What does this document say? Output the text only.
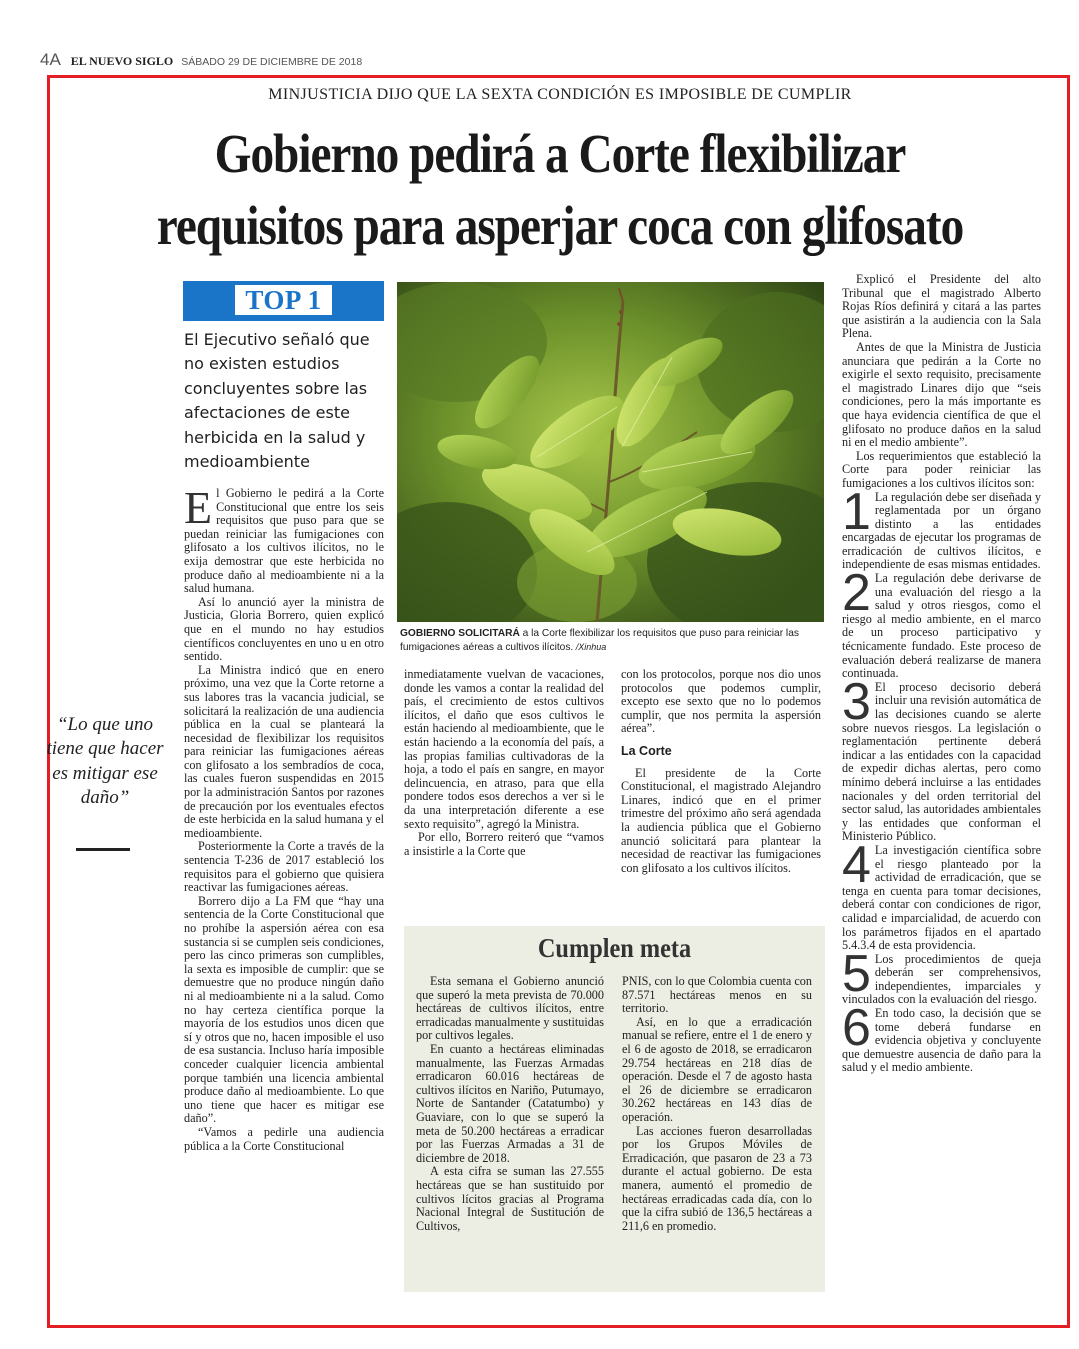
4A EL NUEVO SIGLO SÁBADO 29 DE DICIEMBRE DE 2018
MINJUSTICIA DIJO QUE LA SEXTA CONDICIÓN ES IMPOSIBLE DE CUMPLIR
Gobierno pedirá a Corte flexibilizar
requisitos para asperjar coca con glifosato
TOP 1
El Ejecutivo señaló que no existen estudios concluyentes sobre las afectaciones de este herbicida en la salud y medioambiente

El Gobierno le pedirá a la Corte Constitucional que entre los seis requisitos que puso para que se puedan reiniciar las fumigaciones con glifosato a los cultivos ilícitos, no le exija demostrar que este herbicida no produce daño al medioambiente ni a la salud humana.

Así lo anunció ayer la ministra de Justicia, Gloria Borrero, quien explicó que en el mundo no hay estudios científicos concluyentes en uno u en otro sentido.

La Ministra indicó que en enero próximo, una vez que la Corte retorne a sus labores tras la vacancia judicial, se solicitará la realización de una audiencia pública en la cual se planteará la necesidad de flexibilizar los requisitos para reiniciar las fumigaciones aéreas con glifosato a los sembradíos de coca, las cuales fueron suspendidas en 2015 por la administración Santos por razones de precaución por los eventuales efectos de este herbicida en la salud humana y el medioambiente.

Posteriormente la Corte a través de la sentencia T-236 de 2017 estableció los requisitos para el gobierno que quisiera reactivar las fumigaciones aéreas.

Borrero dijo a La FM que “hay una sentencia de la Corte Constitucional que no prohíbe la aspersión aérea con esa sustancia si se cumplen seis condiciones, pero las cinco primeras son cumplibles, la sexta es imposible de cumplir: que se demuestre que no produce ningún daño ni al medioambiente ni a la salud. Como no hay certeza científica porque la mayoría de los estudios unos dicen que sí y otros que no, hacen imposible el uso de esa sustancia. Incluso haría imposible conceder cualquier licencia ambiental porque también una licencia ambiental produce daño al medioambiente. Lo que uno tiene que hacer es mitigar ese daño”.

“Vamos a pedirle una audiencia pública a la Corte Constitucional

GOBIERNO SOLICITARÁ a la Corte flexibilizar los requisitos que puso para reiniciar las fumigaciones aéreas a cultivos ilícitos. /Xinhua
“Lo que uno tiene que hacer es mitigar ese daño”

inmediatamente vuelvan de vacaciones, donde les vamos a contar la realidad del país, el crecimiento de estos cultivos ilícitos, el daño que esos cultivos le están haciendo al medioambiente, que le están haciendo a la economía del país, a las propias familias cultivadoras de la hoja, a todo el país en sangre, en mayor delincuencia, en atraso, para que ella pondere todos esos derechos a ver si le da una interpretación diferente a ese sexto requisito”, agregó la Ministra.

Por ello, Borrero reiteró que “vamos a insistirle a la Corte que

con los protocolos, porque nos dio unos protocolos que podemos cumplir, excepto ese sexto que no lo podemos cumplir, que nos permita la aspersión aérea”.

La Corte

El presidente de la Corte Constitucional, el magistrado Alejandro Linares, indicó que en el primer trimestre del próximo año será agendada la audiencia pública que el Gobierno anunció solicitará para plantear la necesidad de reactivar las fumigaciones con glifosato a los cultivos ilícitos.

Explicó el Presidente del alto Tribunal que el magistrado Alberto Rojas Ríos definirá y citará a las partes que asistirán a la audiencia con la Sala Plena.

Antes de que la Ministra de Justicia anunciara que pedirán a la Corte no exigirle el sexto requisito, precisamente el magistrado Linares dijo que “seis condiciones, pero la más importante es que haya evidencia científica de que el glifosato no produce daños en la salud ni en el medio ambiente”.

Los requerimientos que estableció la Corte para poder reiniciar las fumigaciones a los cultivos ilícitos son:

1 La regulación debe ser diseñada y reglamentada por un órgano distinto a las entidades encargadas de ejecutar los programas de erradicación de cultivos ilícitos, e independiente de esas mismas entidades.

2 La regulación debe derivarse de una evaluación del riesgo a la salud y otros riesgos, como el riesgo al medio ambiente, en el marco de un proceso participativo y técnicamente fundado. Este proceso de evaluación deberá realizarse de manera continuada.

3 El proceso decisorio deberá incluir una revisión automática de las decisiones cuando se alerte sobre nuevos riesgos. La legislación o reglamentación pertinente deberá indicar a las entidades con la capacidad de expedir dichas alertas, pero como mínimo deberá incluirse a las entidades nacionales y del orden territorial del sector salud, las autoridades ambientales y las entidades que conforman el Ministerio Público.

4 La investigación científica sobre el riesgo planteado por la actividad de erradicación, que se tenga en cuenta para tomar decisiones, deberá contar con condiciones de rigor, calidad e imparcialidad, de acuerdo con los parámetros fijados en el apartado 5.4.3.4 de esta providencia.

5 Los procedimientos de queja deberán ser comprehensivos, independientes, imparciales y vinculados con la evaluación del riesgo.

6 En todo caso, la decisión que se tome deberá fundarse en evidencia objetiva y concluyente que demuestre ausencia de daño para la salud y el medio ambiente.

Cumplen meta

Esta semana el Gobierno anunció que superó la meta prevista de 70.000 hectáreas de cultivos ilícitos, entre erradicadas manualmente y sustituidas por cultivos legales.

En cuanto a hectáreas eliminadas manualmente, las Fuerzas Armadas erradicaron 60.016 hectáreas de cultivos ilícitos en Nariño, Putumayo, Norte de Santander (Catatumbo) y Guaviare, con lo que se superó la meta de 50.200 hectáreas a erradicar por las Fuerzas Armadas a 31 de diciembre de 2018.

A esta cifra se suman las 27.555 hectáreas que se han sustituido por cultivos lícitos gracias al Programa Nacional Integral de Sustitución de Cultivos,

PNIS, con lo que Colombia cuenta con 87.571 hectáreas menos en su territorio.

Así, en lo que a erradicación manual se refiere, entre el 1 de enero y el 6 de agosto de 2018, se erradicaron 29.754 hectáreas en 218 días de operación. Desde el 7 de agosto hasta el 26 de diciembre se erradicaron 30.262 hectáreas en 143 días de operación.

Las acciones fueron desarrolladas por los Grupos Móviles de Erradicación, que pasaron de 23 a 73 durante el actual gobierno. De esta manera, aumentó el promedio de hectáreas erradicadas cada día, con lo que la cifra subió de 136,5 hectáreas a 211,6 en promedio.
